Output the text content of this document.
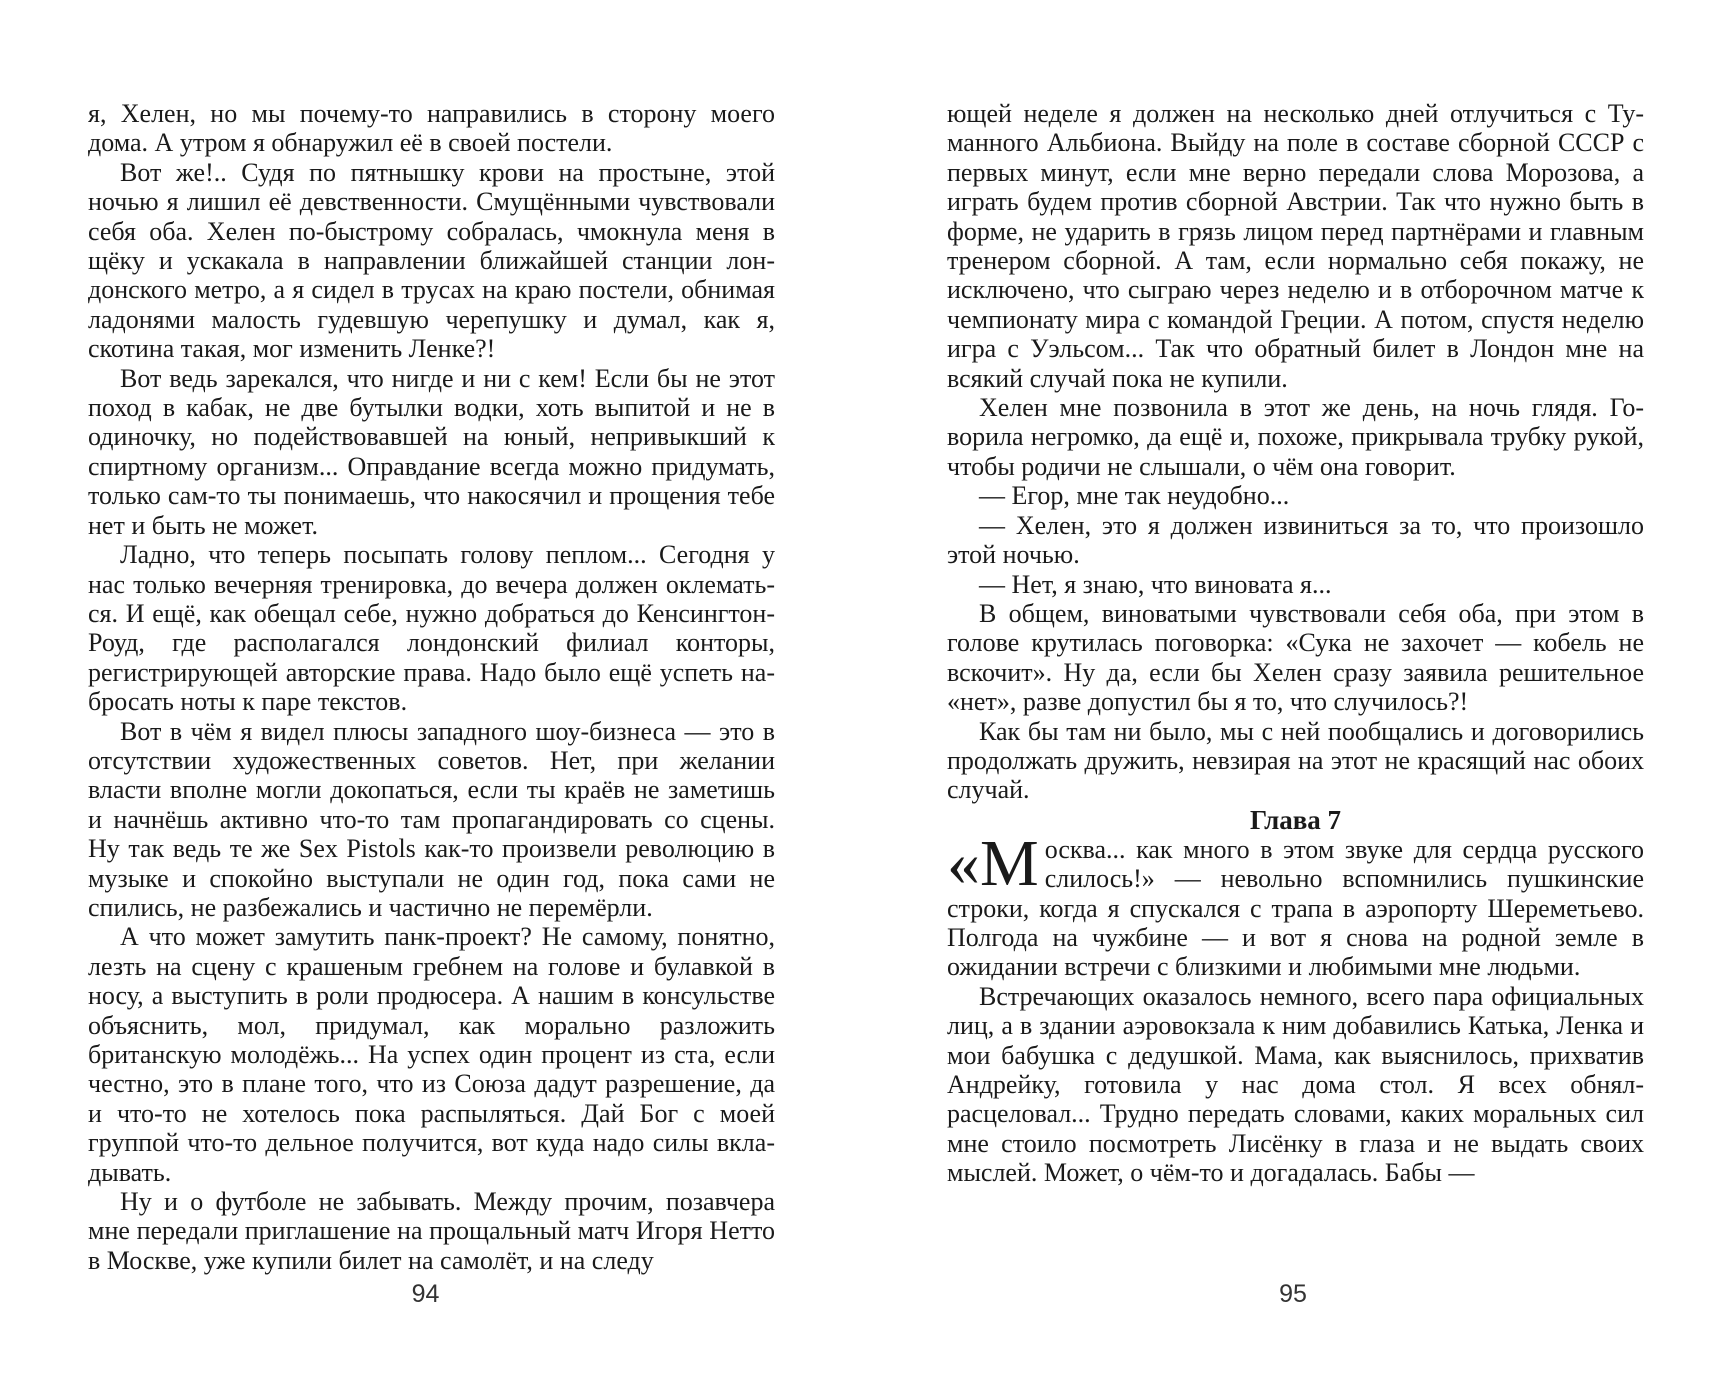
я, Хелен, но мы почему-то направились в сторону моего дома. А утром я обнаружил её в своей постели.

Вот же!.. Судя по пятнышку крови на простыне, этой ночью я лишил её девственности. Смущёнными чувствовали себя оба. Хелен по-быстрому собралась, чмокнула меня в щёку и ускакала в направлении ближайшей станции лондонского метро, а я сидел в трусах на краю постели, обнимая ладонями малость гудевшую черепушку и думал, как я, скотина такая, мог изменить Ленке?!

Вот ведь зарекался, что нигде и ни с кем! Если бы не этот поход в кабак, не две бутылки водки, хоть выпитой и не в одиночку, но подействовавшей на юный, непривыкший к спиртному организм... Оправдание всегда можно придумать, только сам-то ты понимаешь, что накосячил и прощения тебе нет и быть не может.

Ладно, что теперь посыпать голову пеплом... Сегодня у нас только вечерняя тренировка, до вечера должен оклематься. И ещё, как обещал себе, нужно добраться до Кенсингтон-Роуд, где располагался лондонский филиал конторы, регистрирующей авторские права. Надо было ещё успеть набросать ноты к паре текстов.

Вот в чём я видел плюсы западного шоу-бизнеса — это в отсутствии художественных советов. Нет, при желании власти вполне могли докопаться, если ты краёв не заметишь и начнёшь активно что-то там пропагандировать со сцены. Ну так ведь те же Sex Pistols как-то произвели революцию в музыке и спокойно выступали не один год, пока сами не спились, не разбежались и частично не перемёрли.

А что может замутить панк-проект? Не самому, понятно, лезть на сцену с крашеным гребнем на голове и булавкой в носу, а выступить в роли продюсера. А нашим в консульстве объяснить, мол, придумал, как морально разложить британскую молодёжь... На успех один процент из ста, если честно, это в плане того, что из Союза дадут разрешение, да и что-то не хотелось пока распыляться. Дай Бог с моей группой что-то дельное получится, вот куда надо силы вкладывать.

Ну и о футболе не забывать. Между прочим, позавчера мне передали приглашение на прощальный матч Игоря Нетто в Москве, уже купили билет на самолёт, и на следу

94

ющей неделе я должен на несколько дней отлучиться с Туманного Альбиона. Выйду на поле в составе сборной СССР с первых минут, если мне верно передали слова Морозова, а играть будем против сборной Австрии. Так что нужно быть в форме, не ударить в грязь лицом перед партнёрами и главным тренером сборной. А там, если нормально себя покажу, не исключено, что сыграю через неделю и в отборочном матче к чемпионату мира с командой Греции. А потом, спустя неделю игра с Уэльсом... Так что обратный билет в Лондон мне на всякий случай пока не купили.

Хелен мне позвонила в этот же день, на ночь глядя. Говорила негромко, да ещё и, похоже, прикрывала трубку рукой, чтобы родичи не слышали, о чём она говорит.

— Егор, мне так неудобно...

— Хелен, это я должен извиниться за то, что произошло этой ночью.

— Нет, я знаю, что виновата я...

В общем, виноватыми чувствовали себя оба, при этом в голове крутилась поговорка: «Сука не захочет — кобель не вскочит». Ну да, если бы Хелен сразу заявила решительное «нет», разве допустил бы я то, что случилось?!

Как бы там ни было, мы с ней пообщались и договорились продолжать дружить, невзирая на этот не красящий нас обоих случай.

Глава 7

«М осква... как много в этом звуке для сердца русского слилось!» — невольно вспомнились пушкинские строки, когда я спускался с трапа в аэропорту Шереметьево. Полгода на чужбине — и вот я снова на родной земле в ожидании встречи с близкими и любимыми мне людьми.

Встречающих оказалось немного, всего пара официальных лиц, а в здании аэровокзала к ним добавились Катька, Ленка и мои бабушка с дедушкой. Мама, как выяснилось, прихватив Андрейку, готовила у нас дома стол. Я всех обнял-расцеловал... Трудно передать словами, каких моральных сил мне стоило посмотреть Лисёнку в глаза и не выдать своих мыслей. Может, о чём-то и догадалась. Бабы —

95
